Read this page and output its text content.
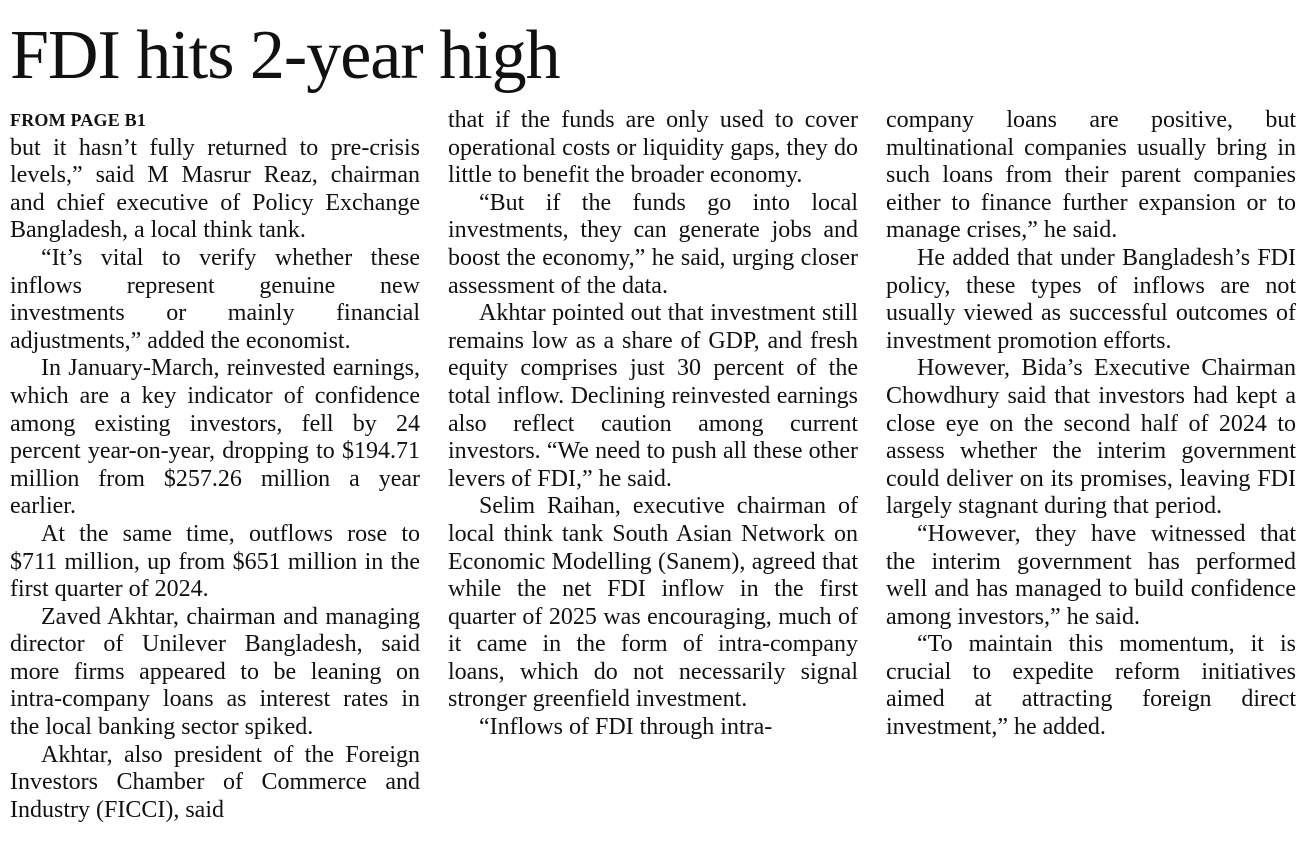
FDI hits 2-year high
FROM PAGE B1

but it hasn’t fully returned to pre-crisis levels,” said M Masrur Reaz, chairman and chief executive of Policy Exchange Bangladesh, a local think tank.

“It’s vital to verify whether these inflows represent genuine new investments or mainly financial adjustments,” added the economist.

In January-March, reinvested earnings, which are a key indicator of confidence among existing investors, fell by 24 percent year-on-year, dropping to $194.71 million from $257.26 million a year earlier.

At the same time, outflows rose to $711 million, up from $651 million in the first quarter of 2024.

Zaved Akhtar, chairman and managing director of Unilever Bangladesh, said more firms appeared to be leaning on intra-company loans as interest rates in the local banking sector spiked.

Akhtar, also president of the Foreign Investors Chamber of Commerce and Industry (FICCI), said

that if the funds are only used to cover operational costs or liquidity gaps, they do little to benefit the broader economy.

“But if the funds go into local investments, they can generate jobs and boost the economy,” he said, urging closer assessment of the data.

Akhtar pointed out that investment still remains low as a share of GDP, and fresh equity comprises just 30 percent of the total inflow. Declining reinvested earnings also reflect caution among current investors. “We need to push all these other levers of FDI,” he said.

Selim Raihan, executive chairman of local think tank South Asian Network on Economic Modelling (Sanem), agreed that while the net FDI inflow in the first quarter of 2025 was encouraging, much of it came in the form of intra-company loans, which do not necessarily signal stronger greenfield investment.

“Inflows of FDI through intra-

company loans are positive, but multinational companies usually bring in such loans from their parent companies either to finance further expansion or to manage crises,” he said.

He added that under Bangladesh’s FDI policy, these types of inflows are not usually viewed as successful outcomes of investment promotion efforts.

However, Bida’s Executive Chairman Chowdhury said that investors had kept a close eye on the second half of 2024 to assess whether the interim government could deliver on its promises, leaving FDI largely stagnant during that period.

“However, they have witnessed that the interim government has performed well and has managed to build confidence among investors,” he said.

“To maintain this momentum, it is crucial to expedite reform initiatives aimed at attracting foreign direct investment,” he added.
